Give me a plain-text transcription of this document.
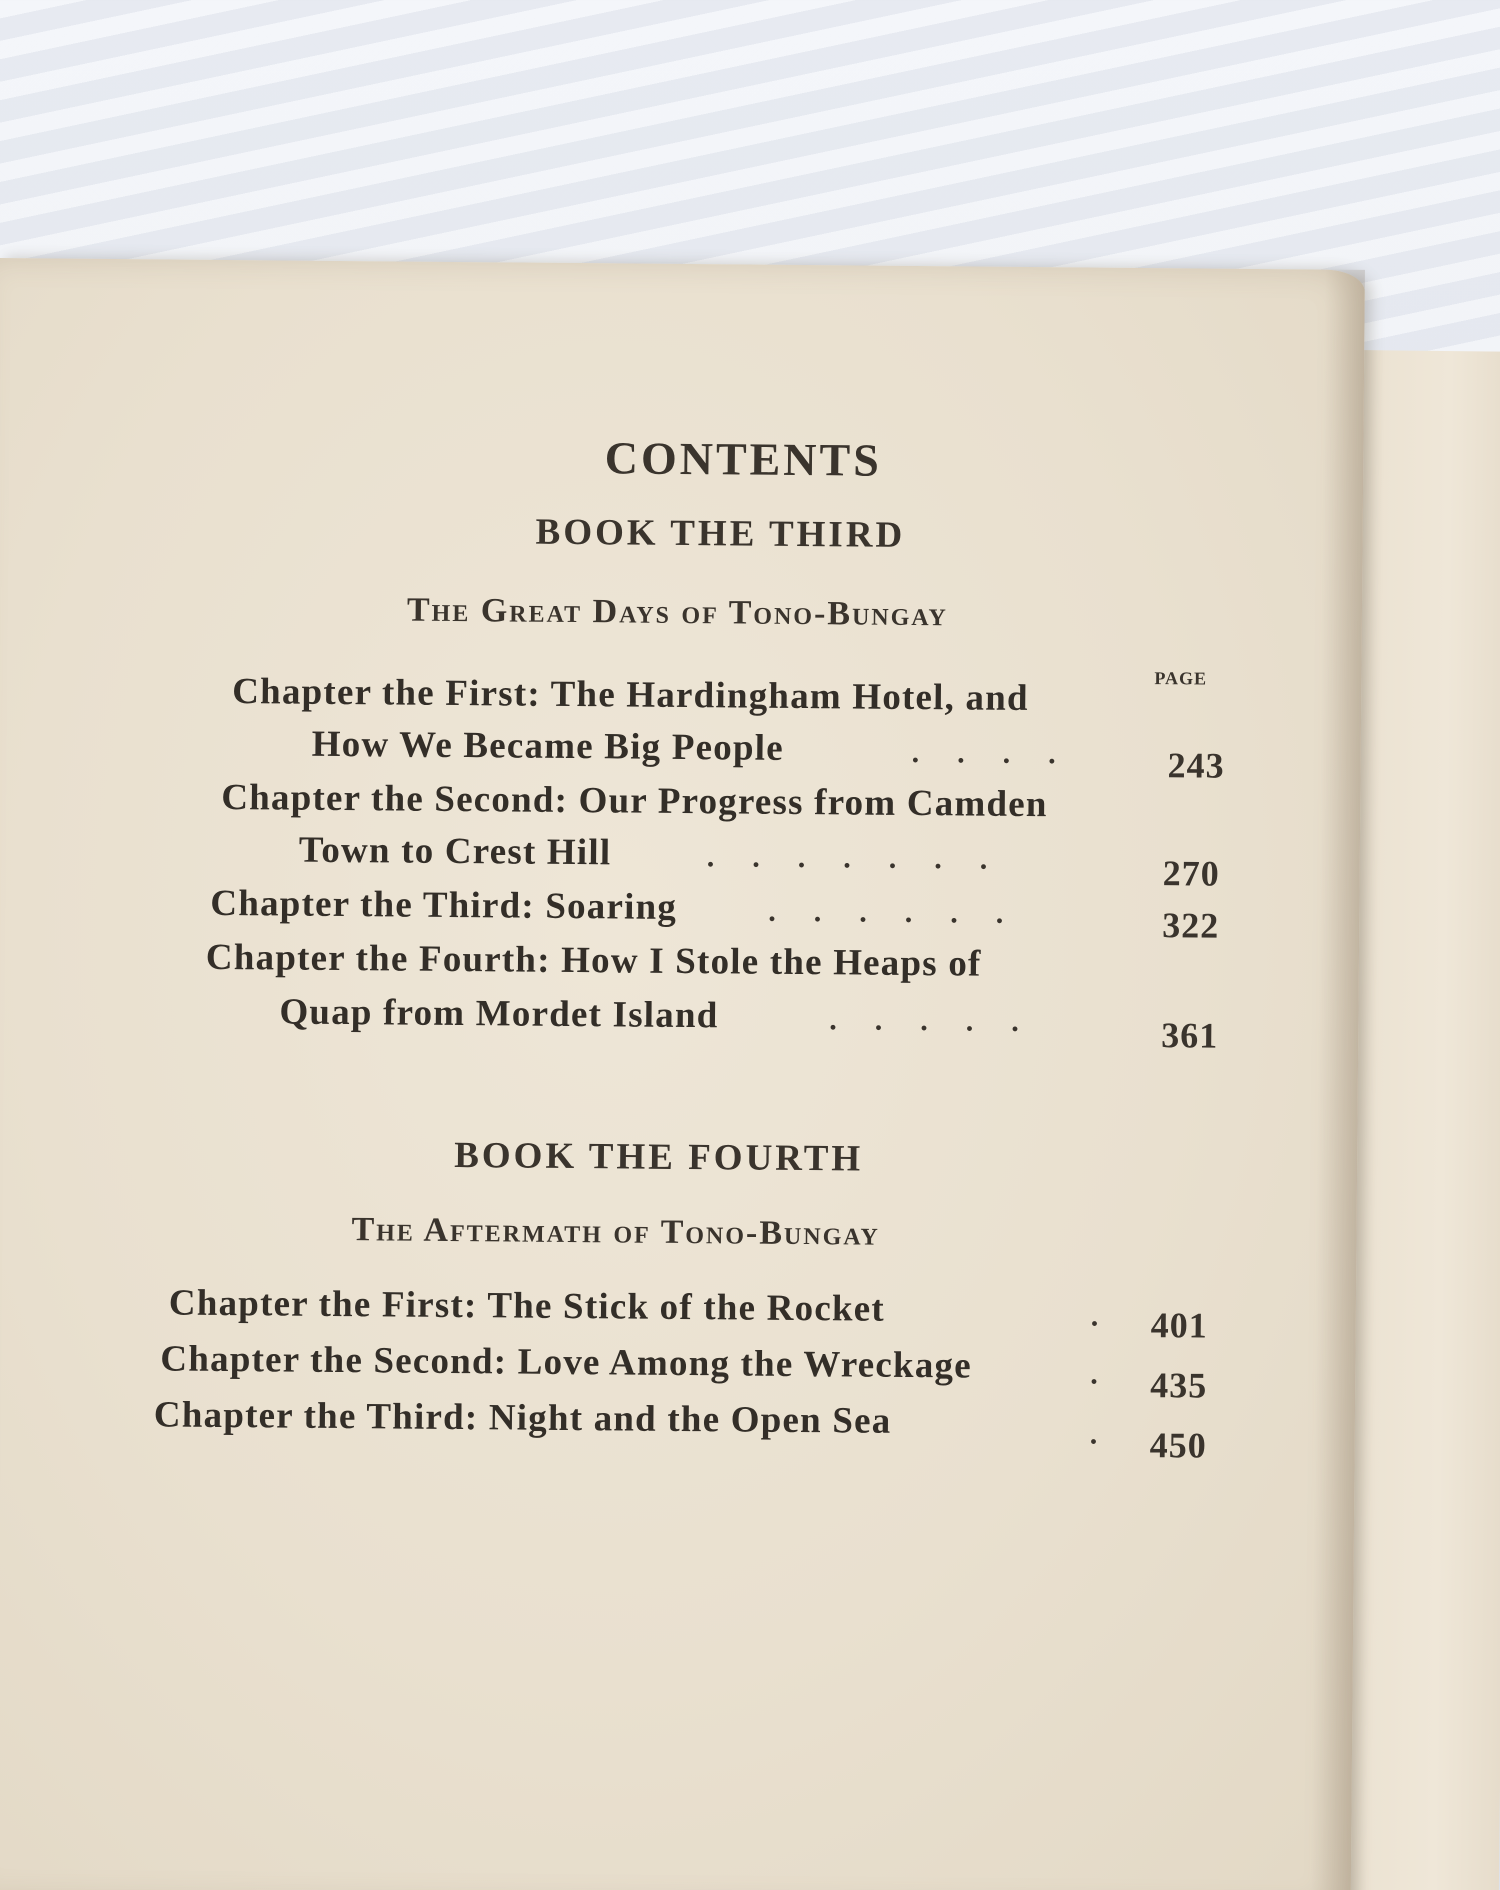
CONTENTS
BOOK THE THIRD
The Great Days of Tono-Bungay
PAGE
Chapter the First: The Hardingham Hotel, and
How We Became Big People	.... 243
Chapter the Second: Our Progress from Camden
Town to Crest Hill	.......	270
Chapter the Third: Soaring	......	322
Chapter the Fourth: How I Stole the Heaps of
Quap from Mordet Island	.....	361
BOOK THE FOURTH
The Aftermath of Tono-Bungay
Chapter the First: The Stick of the Rocket	. 401
Chapter the Second: Love Among the Wreckage	. 435
Chapter the Third: Night and the Open Sea	. 450
